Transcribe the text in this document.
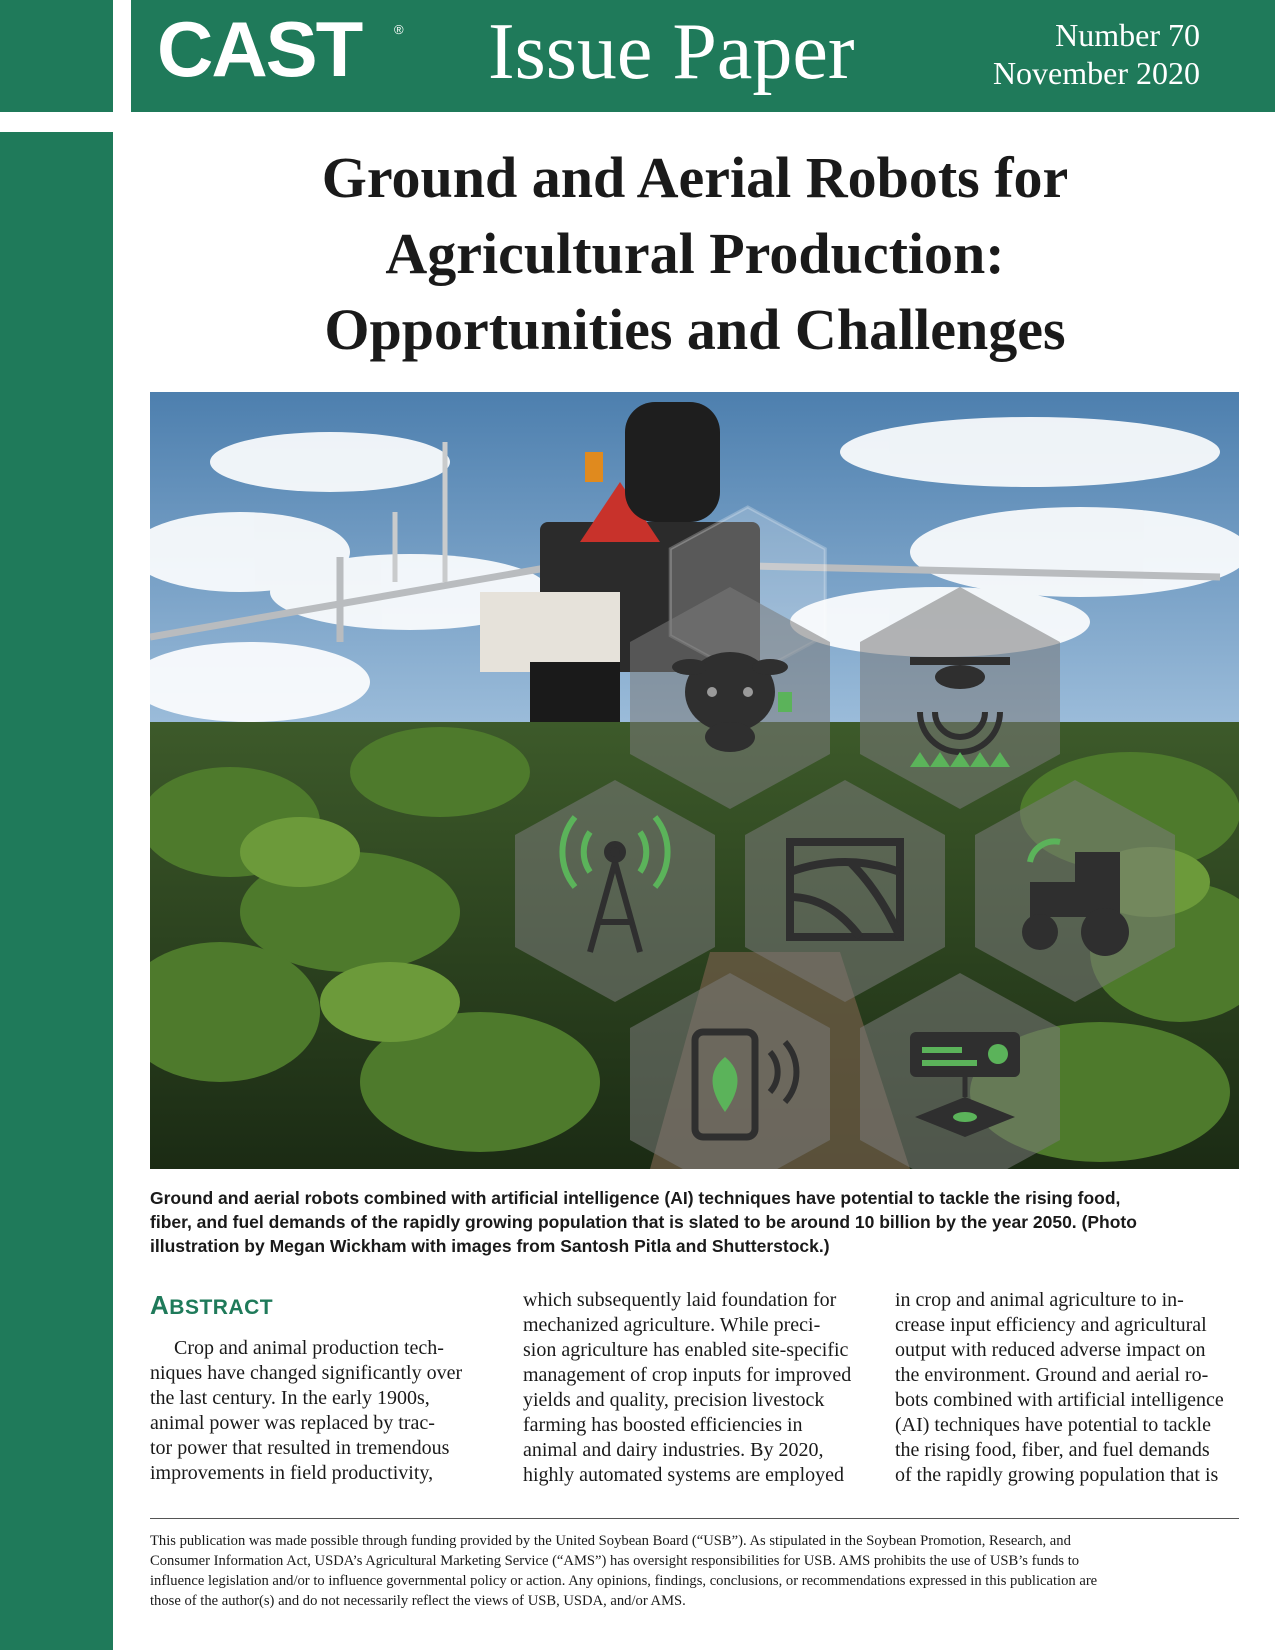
CAST	® Issue Paper	Number 70
November 2020
Ground and Aerial Robots for
Agricultural Production:
Opportunities and Challenges
Ground and aerial robots combined with artificial intelligence (AI) techniques have potential to tackle the rising food,
fiber, and fuel demands of the rapidly growing population that is slated to be around 10 billion by the year 2050. (Photo
illustration by Megan Wickham with images from Santosh Pitla and Shutterstock.)
ABSTRACT
Crop and animal production tech-
niques have changed significantly over
the last century. In the early 1900s,
animal power was replaced by trac-
tor power that resulted in tremendous
improvements in field productivity,
which subsequently laid foundation for
mechanized agriculture. While preci-
sion agriculture has enabled site-specific
management of crop inputs for improved
yields and quality, precision livestock
farming has boosted efficiencies in
animal and dairy industries. By 2020,
highly automated systems are employed
in crop and animal agriculture to in-
crease input efficiency and agricultural
output with reduced adverse impact on
the environment. Ground and aerial ro-
bots combined with artificial intelligence
(AI) techniques have potential to tackle
the rising food, fiber, and fuel demands
of the rapidly growing population that is
This publication was made possible through funding provided by the United Soybean Board (“USB”). As stipulated in the Soybean Promotion, Research, and
Consumer Information Act, USDA’s Agricultural Marketing Service (“AMS”) has oversight responsibilities for USB. AMS prohibits the use of USB’s funds to
influence legislation and/or to influence governmental policy or action. Any opinions, findings, conclusions, or recommendations expressed in this publication are
those of the author(s) and do not necessarily reflect the views of USB, USDA, and/or AMS.
